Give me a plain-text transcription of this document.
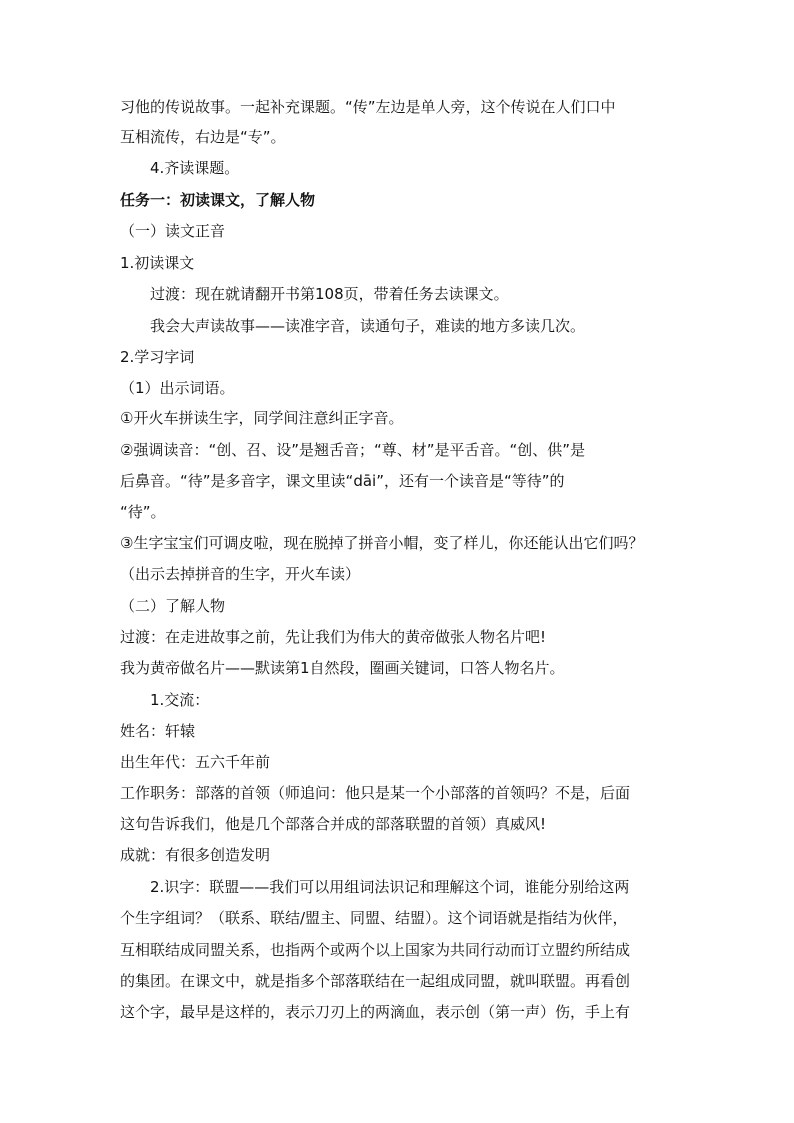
习他的传说故事。一起补充课题。“传”左边是单人旁，这个传说在人们口中
互相流传，右边是“专”。
4.齐读课题。
任务一：初读课文，了解人物
（一）读文正音
1.初读课文
过渡：现在就请翻开书第108页，带着任务去读课文。
我会大声读故事——读准字音，读通句子，难读的地方多读几次。
2.学习字词
（1）出示词语。
①开火车拼读生字，同学间注意纠正字音。
②强调读音：“创、召、设”是翘舌音；“尊、材”是平舌音。“创、供”是
后鼻音。“待”是多音字，课文里读“dāi”，还有一个读音是“等待”的
“待”。
③生字宝宝们可调皮啦，现在脱掉了拼音小帽，变了样儿，你还能认出它们吗？
（出示去掉拼音的生字，开火车读）
（二）了解人物
过渡：在走进故事之前，先让我们为伟大的黄帝做张人物名片吧!
我为黄帝做名片——默读第1自然段，圈画关键词，口答人物名片。
1.交流：
姓名：轩辕
出生年代：五六千年前
工作职务：部落的首领（师追问：他只是某一个小部落的首领吗？不是，后面
这句告诉我们，他是几个部落合并成的部落联盟的首领）真威风!
成就：有很多创造发明
2.识字：联盟——我们可以用组词法识记和理解这个词，谁能分别给这两
个生字组词？（联系、联结/盟主、同盟、结盟）。这个词语就是指结为伙伴，
互相联结成同盟关系，也指两个或两个以上国家为共同行动而订立盟约所结成
的集团。在课文中，就是指多个部落联结在一起组成同盟，就叫联盟。再看创
这个字，最早是这样的，表示刀刃上的两滴血，表示创（第一声）伤，手上有
